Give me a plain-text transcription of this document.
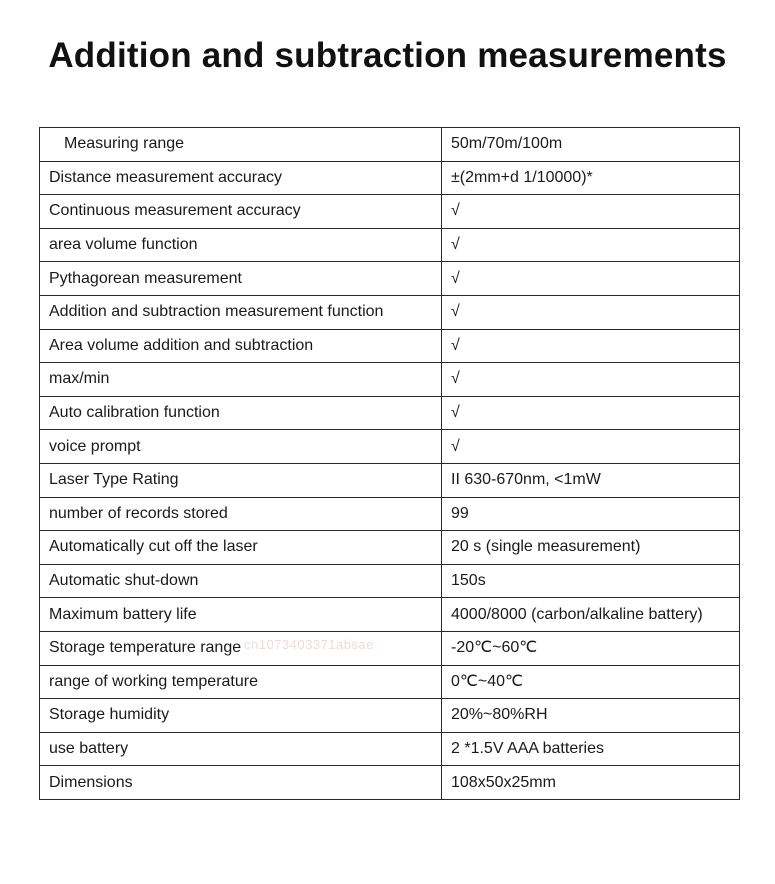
Addition and subtraction measurements
Measuring range	50m/70m/100m
Distance measurement accuracy	±(2mm+d 1/10000)*
Continuous measurement accuracy	√
area volume function	√
Pythagorean measurement	√
Addition and subtraction measurement function	√
Area volume addition and subtraction	√
max/min	√
Auto calibration function	√
voice prompt	√
Laser Type Rating	II 630-670nm, <1mW
number of records stored	99
Automatically cut off the laser	20 s (single measurement)
Automatic shut-down	150s
Maximum battery life	4000/8000 (carbon/alkaline battery)
Storage temperature range	-20℃~60℃
range of working temperature	0℃~40℃
Storage humidity	20%~80%RH
use battery	2 *1.5V AAA batteries
Dimensions	108x50x25mm
cn1073403371absae
